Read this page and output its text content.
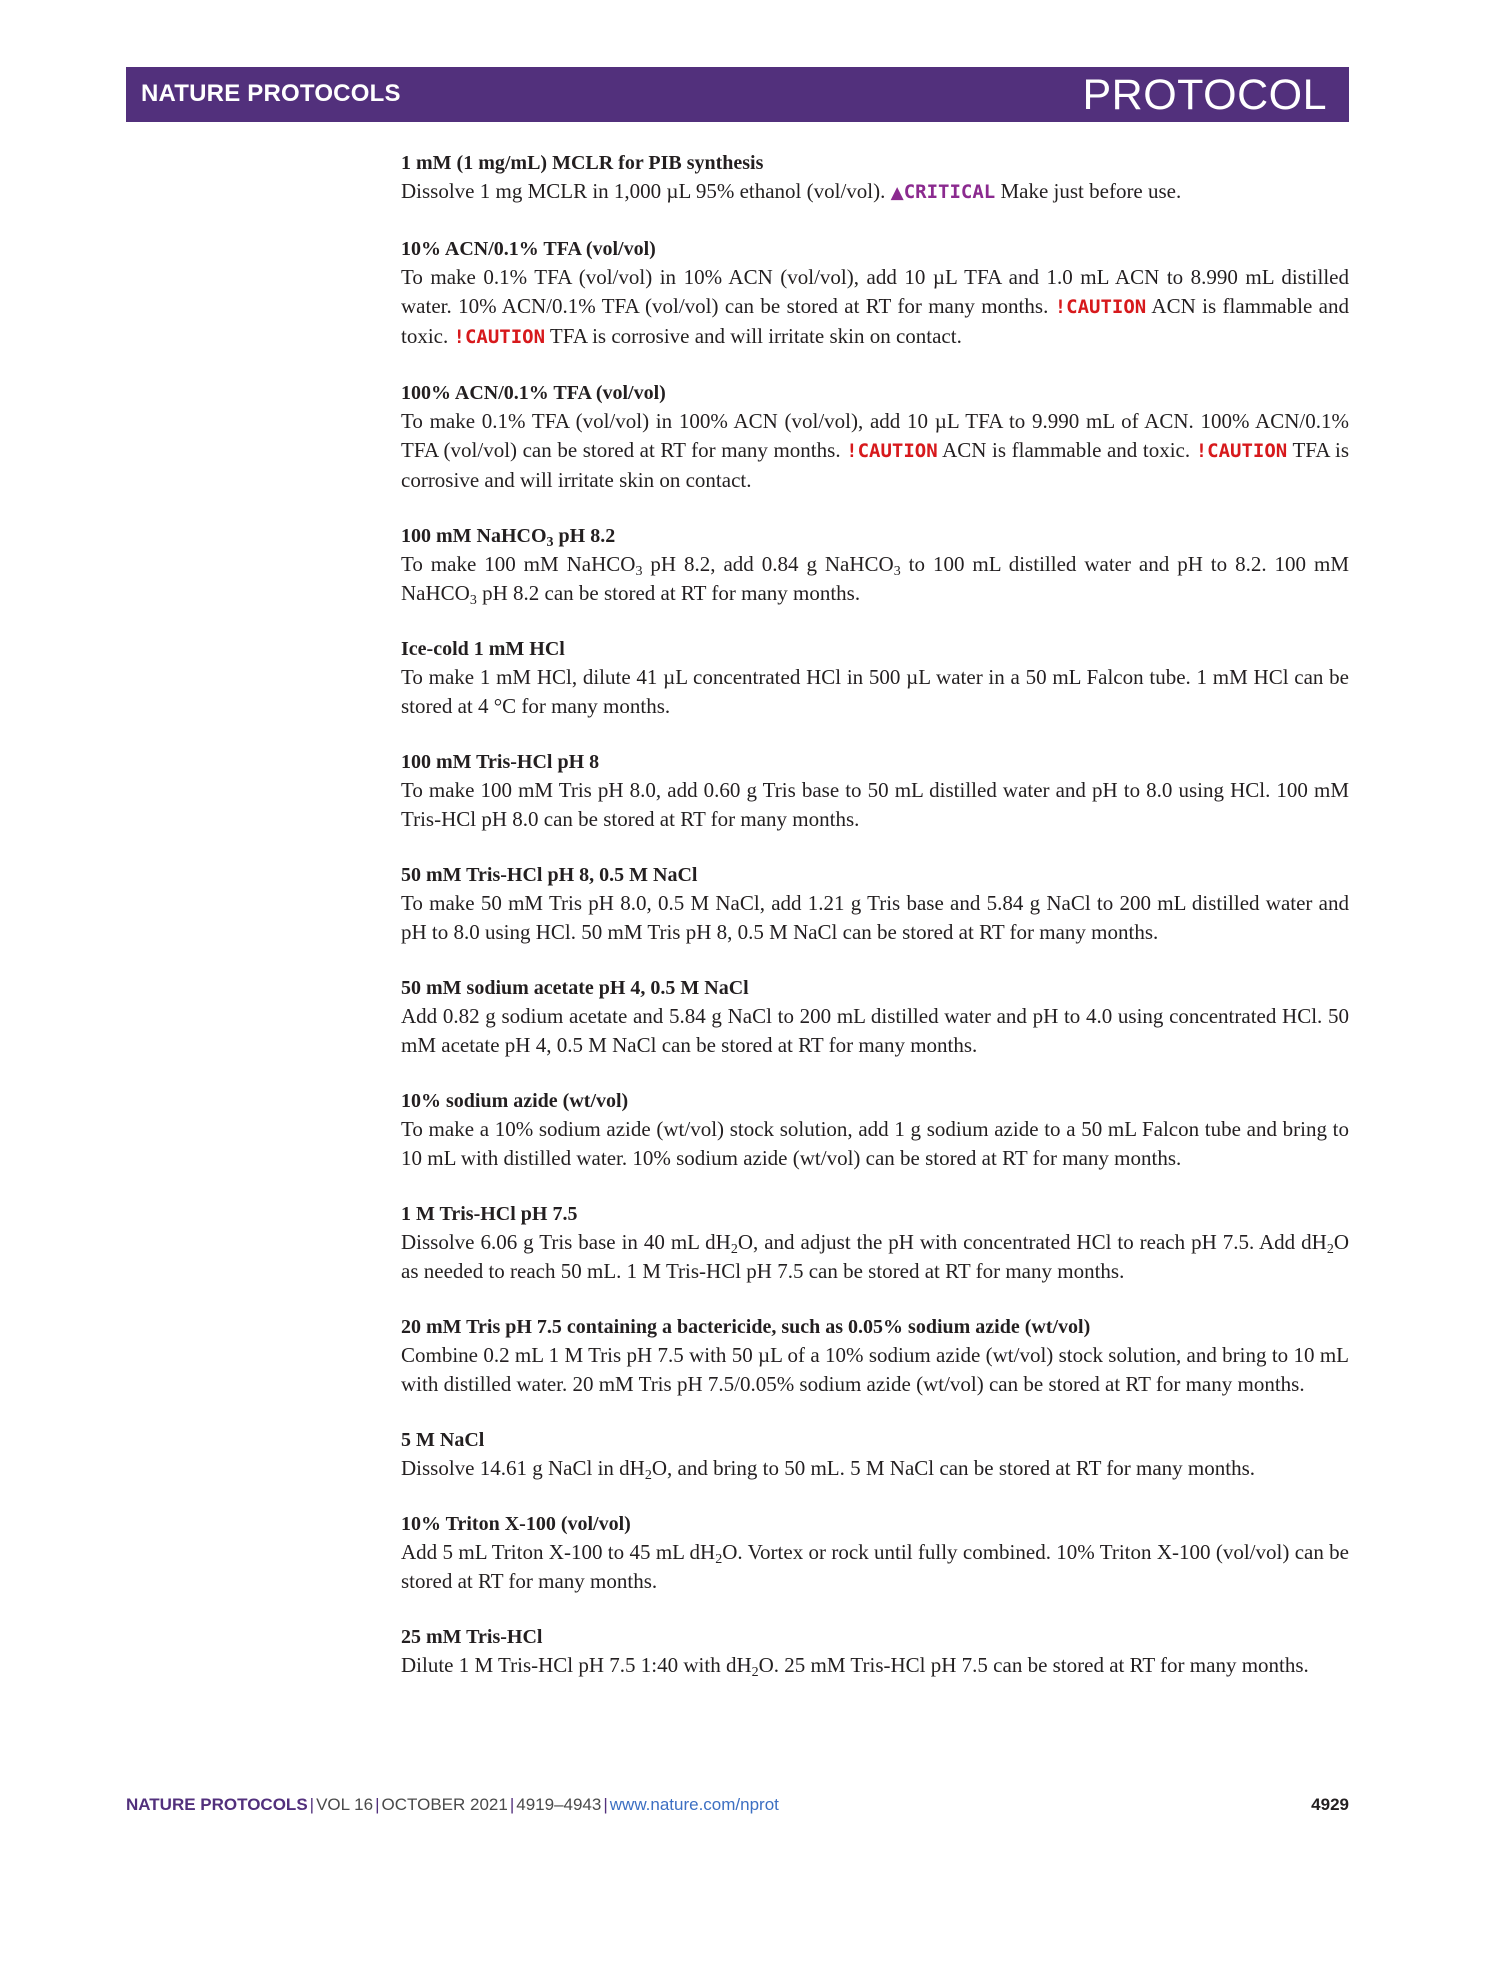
NATURE PROTOCOLS	PROTOCOL
1 mM (1 mg/mL) MCLR for PIB synthesis
Dissolve 1 mg MCLR in 1,000 µL 95% ethanol (vol/vol). ▲CRITICAL Make just before use.
10% ACN/0.1% TFA (vol/vol)
To make 0.1% TFA (vol/vol) in 10% ACN (vol/vol), add 10 µL TFA and 1.0 mL ACN to 8.990 mL distilled water. 10% ACN/0.1% TFA (vol/vol) can be stored at RT for many months. !CAUTION ACN is flammable and toxic. !CAUTION TFA is corrosive and will irritate skin on contact.
100% ACN/0.1% TFA (vol/vol)
To make 0.1% TFA (vol/vol) in 100% ACN (vol/vol), add 10 µL TFA to 9.990 mL of ACN. 100% ACN/0.1% TFA (vol/vol) can be stored at RT for many months. !CAUTION ACN is flammable and toxic. !CAUTION TFA is corrosive and will irritate skin on contact.
100 mM NaHCO$_3$ pH 8.2
To make 100 mM NaHCO$_3$ pH 8.2, add 0.84 g NaHCO$_3$ to 100 mL distilled water and pH to 8.2. 100 mM NaHCO$_3$ pH 8.2 can be stored at RT for many months.
Ice-cold 1 mM HCl
To make 1 mM HCl, dilute 41 µL concentrated HCl in 500 µL water in a 50 mL Falcon tube. 1 mM HCl can be stored at 4 °C for many months.
100 mM Tris-HCl pH 8
To make 100 mM Tris pH 8.0, add 0.60 g Tris base to 50 mL distilled water and pH to 8.0 using HCl. 100 mM Tris-HCl pH 8.0 can be stored at RT for many months.
50 mM Tris-HCl pH 8, 0.5 M NaCl
To make 50 mM Tris pH 8.0, 0.5 M NaCl, add 1.21 g Tris base and 5.84 g NaCl to 200 mL distilled water and pH to 8.0 using HCl. 50 mM Tris pH 8, 0.5 M NaCl can be stored at RT for many months.
50 mM sodium acetate pH 4, 0.5 M NaCl
Add 0.82 g sodium acetate and 5.84 g NaCl to 200 mL distilled water and pH to 4.0 using concentrated HCl. 50 mM acetate pH 4, 0.5 M NaCl can be stored at RT for many months.
10% sodium azide (wt/vol)
To make a 10% sodium azide (wt/vol) stock solution, add 1 g sodium azide to a 50 mL Falcon tube and bring to 10 mL with distilled water. 10% sodium azide (wt/vol) can be stored at RT for many months.
1 M Tris-HCl pH 7.5
Dissolve 6.06 g Tris base in 40 mL $dH_2O$, and adjust the pH with concentrated HCl to reach pH 7.5. Add $dH_2O$ as needed to reach 50 mL. 1 M Tris-HCl pH 7.5 can be stored at RT for many months.
20 mM Tris pH 7.5 containing a bactericide, such as 0.05% sodium azide (wt/vol)
Combine 0.2 mL 1 M Tris pH 7.5 with 50 µL of a 10% sodium azide (wt/vol) stock solution, and bring to 10 mL with distilled water. 20 mM Tris pH 7.5/0.05% sodium azide (wt/vol) can be stored at RT for many months.
5 M NaCl
Dissolve 14.61 g NaCl in $dH_2O$, and bring to 50 mL. 5 M NaCl can be stored at RT for many months.
10% Triton X-100 (vol/vol)
Add 5 mL Triton X-100 to 45 mL $dH_2O$. Vortex or rock until fully combined. 10% Triton X-100 (vol/vol) can be stored at RT for many months.
25 mM Tris-HCl
Dilute 1 M Tris-HCl pH 7.5 1:40 with $dH_2O$. 25 mM Tris-HCl pH 7.5 can be stored at RT for many months.
NATURE PROTOCOLS | VOL 16 | OCTOBER 2021 | 4919–4943 | www.nature.com/nprot	4929
